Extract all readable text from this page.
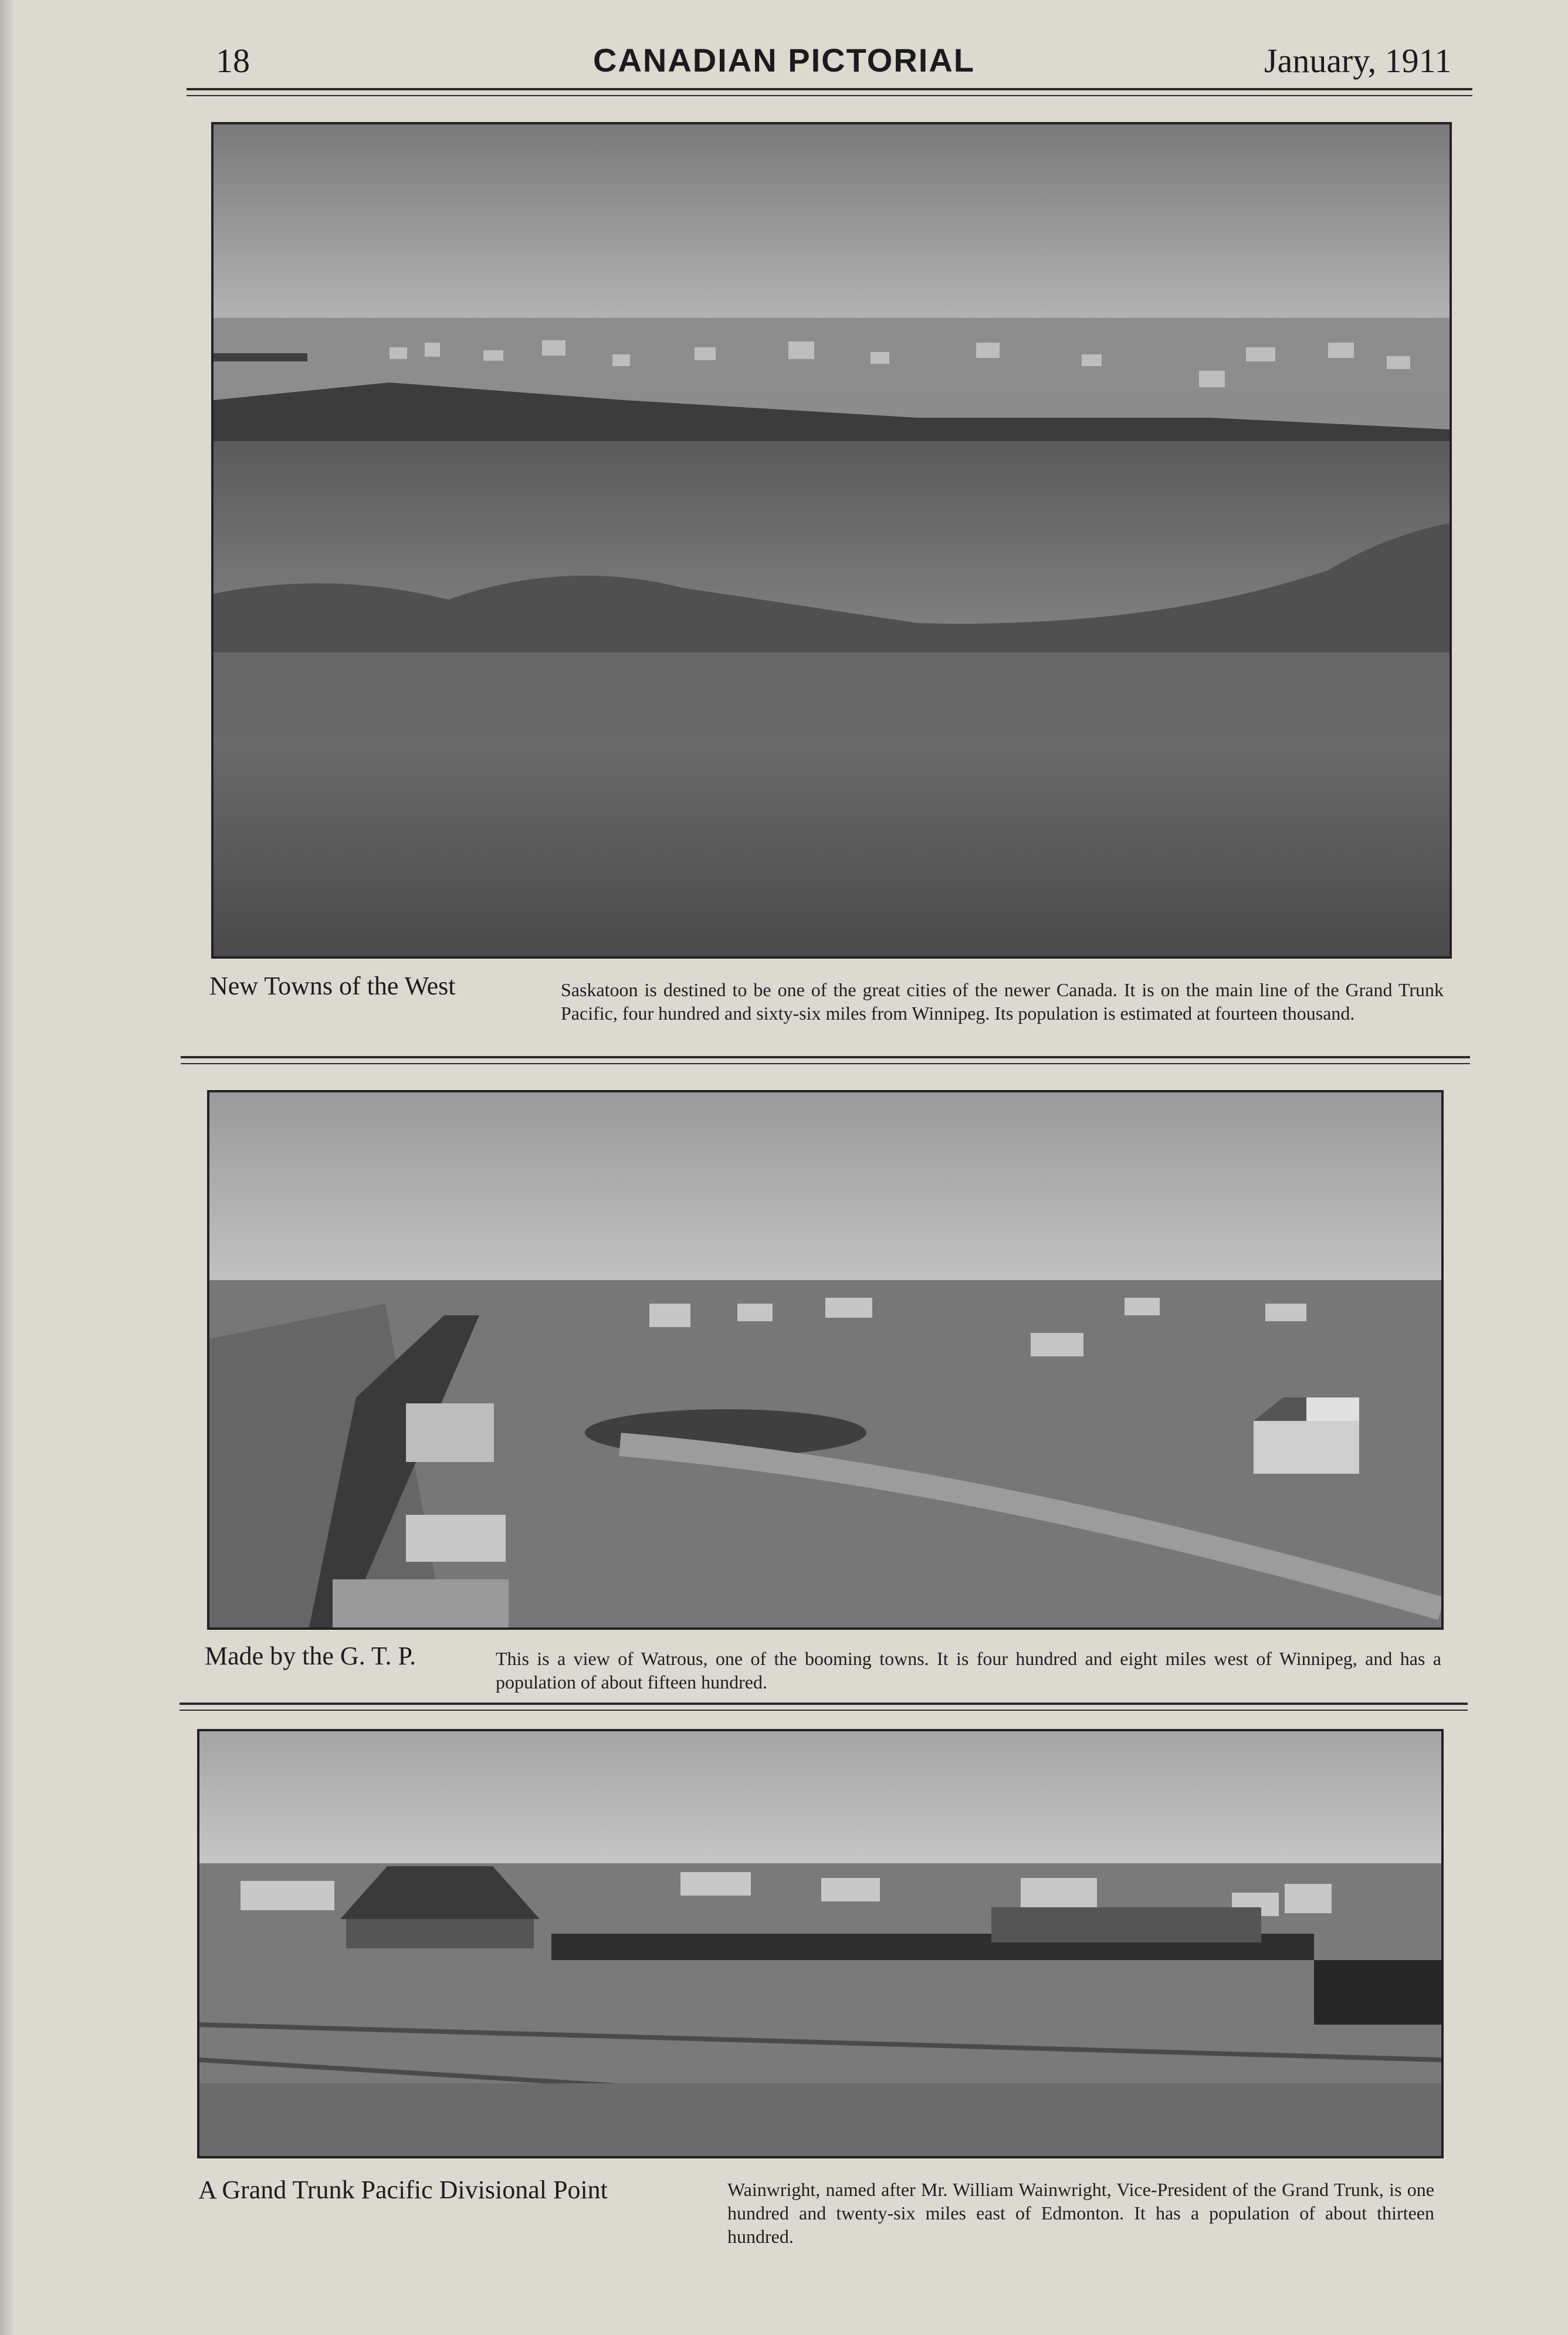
18	CANADIAN PICTORIAL	January, 1911
New Towns of the West	Saskatoon is destined to be one of the great cities of the newer Canada. It is on the main line of the Grand Trunk Pacific, four hundred and sixty-six miles from Winnipeg. Its population is estimated at fourteen thousand.
Made by the G. T. P.	This is a view of Watrous, one of the booming towns. It is four hundred and eight miles west of Winnipeg, and has a population of about fifteen hundred.
A Grand Trunk Pacific Divisional Point	Wainwright, named after Mr. William Wainwright, Vice-President of the Grand Trunk, is one hundred and twenty-six miles east of Edmonton. It has a population of about thirteen hundred.
